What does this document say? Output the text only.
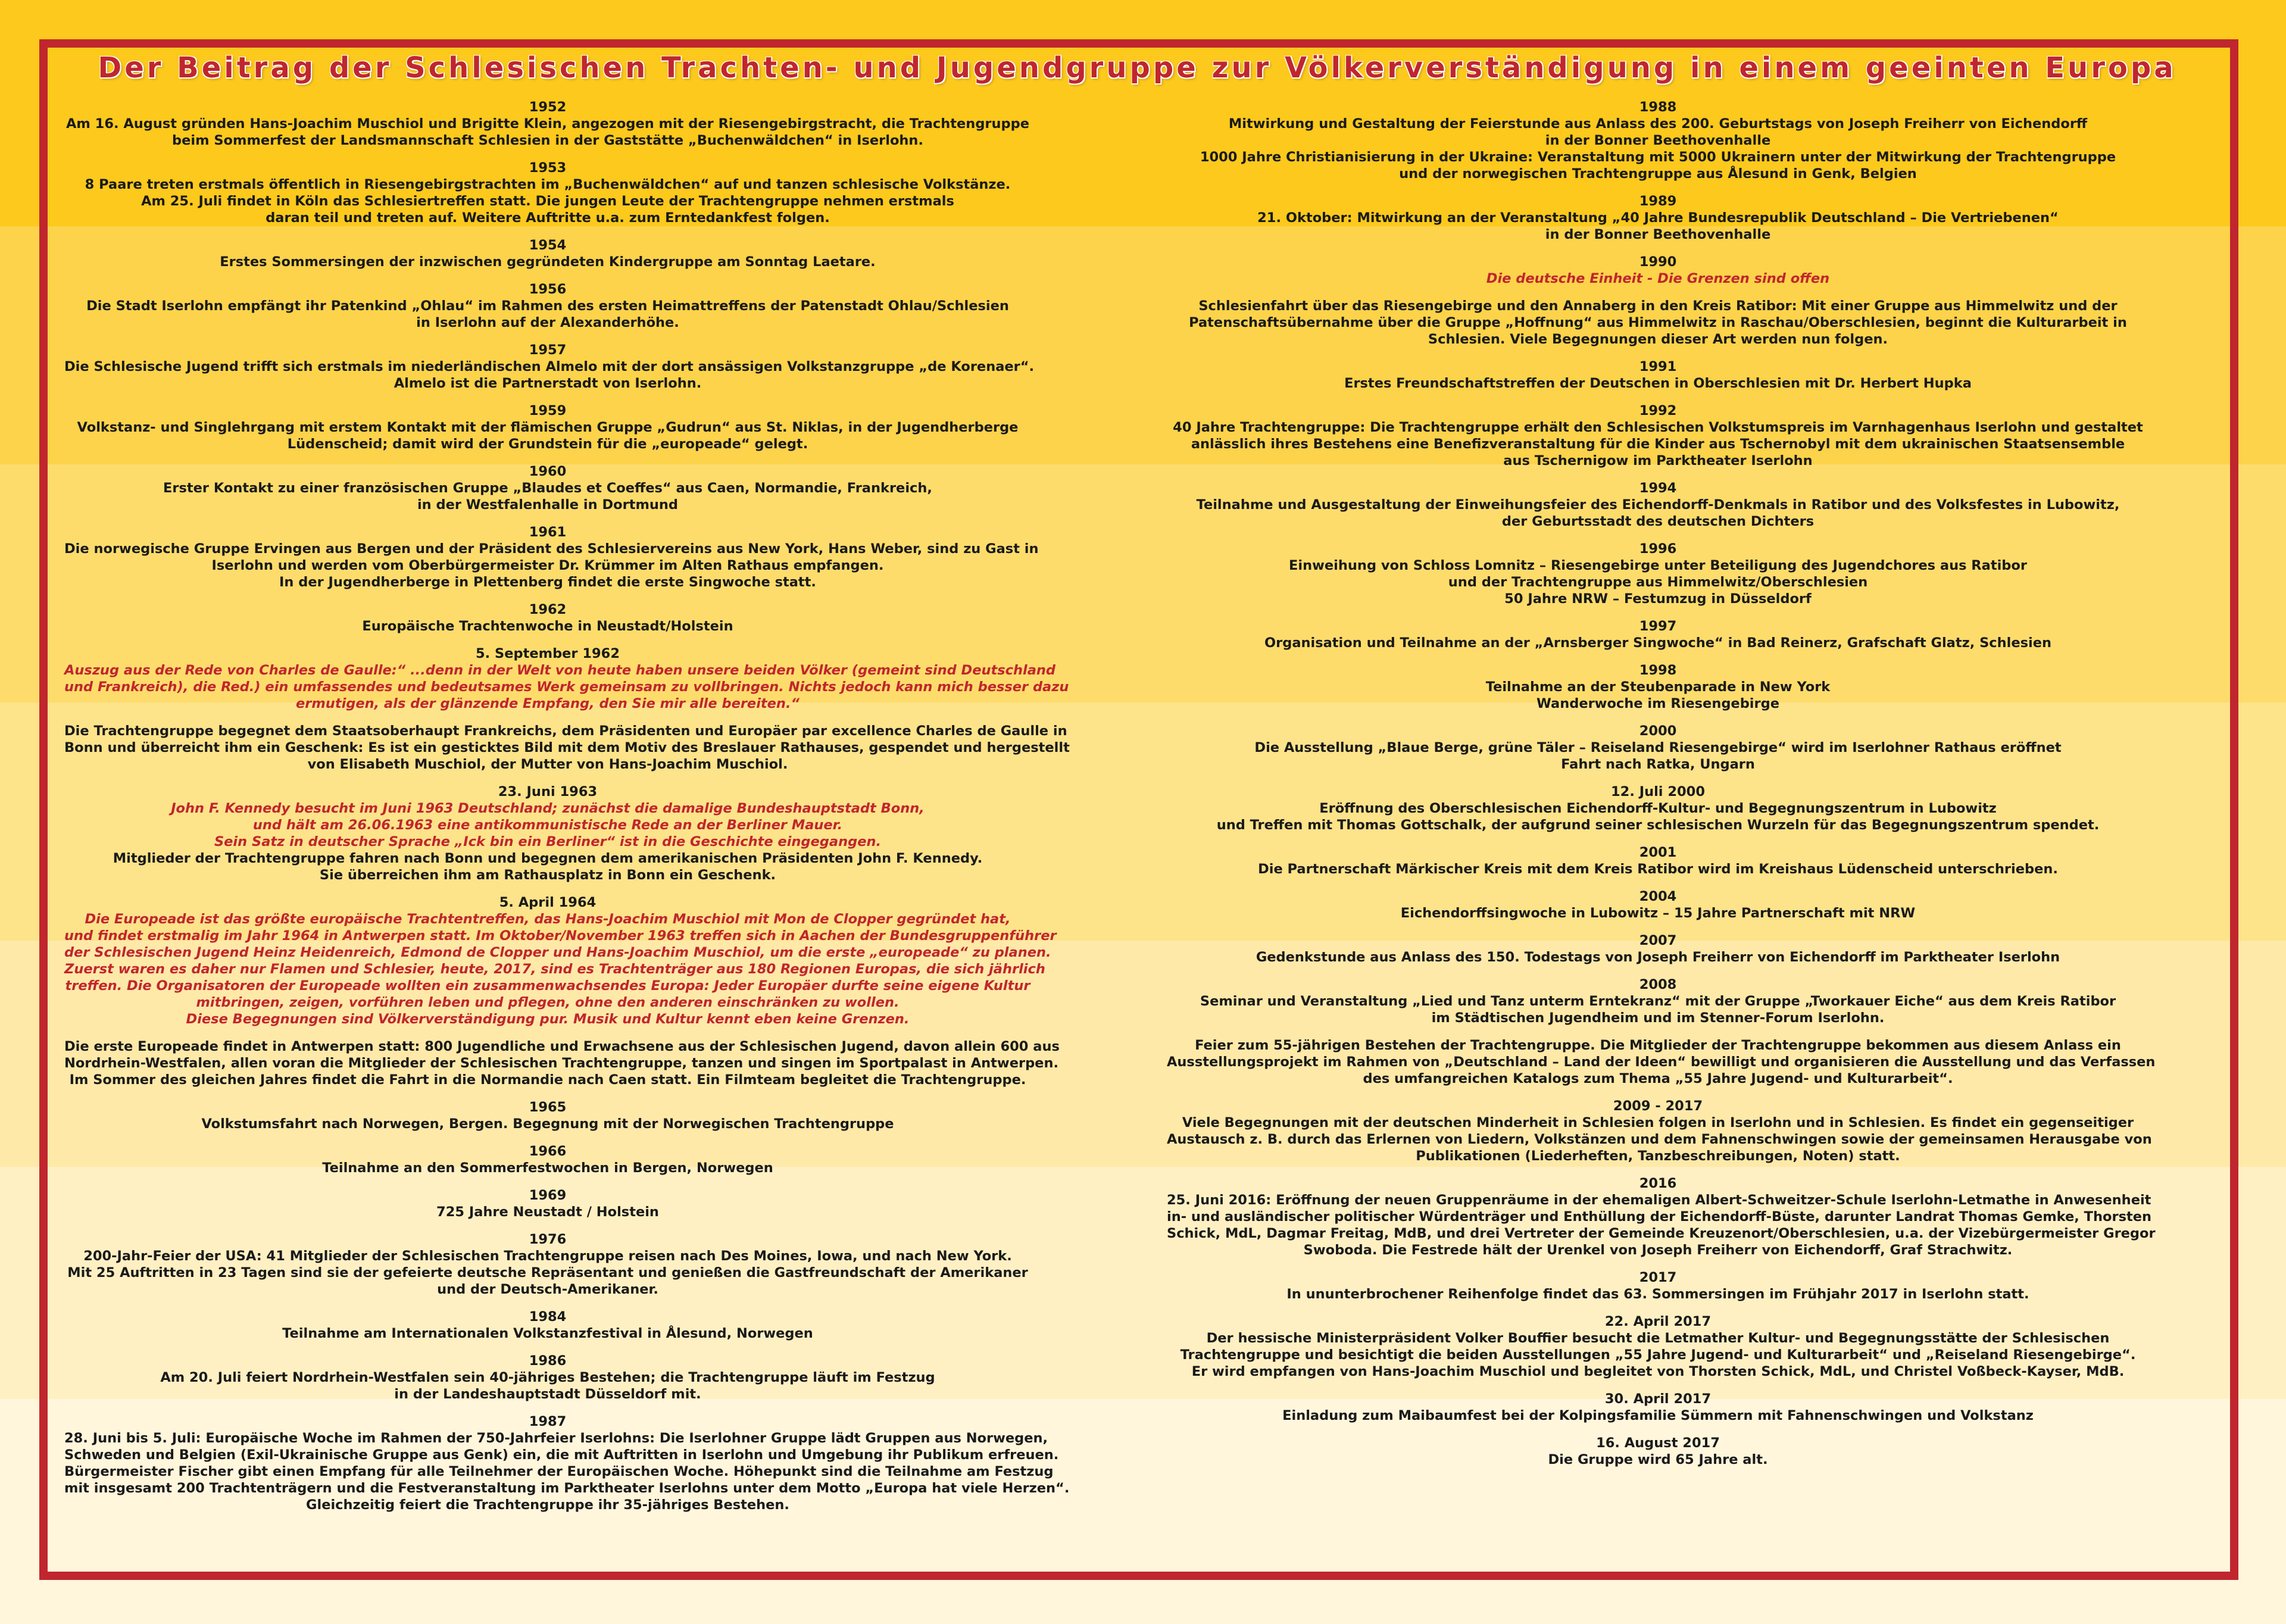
Der Beitrag der Schlesischen Trachten- und Jugendgruppe zur Völkerverständigung in einem geeinten Europa
1952
Am 16. August gründen Hans-Joachim Muschiol und Brigitte Klein, angezogen mit der Riesengebirgstracht, die Trachtengruppe
beim Sommerfest der Landsmannschaft Schlesien in der Gaststätte „Buchenwäldchen“ in Iserlohn.
1953
8 Paare treten erstmals öffentlich in Riesengebirgstrachten im „Buchenwäldchen“ auf und tanzen schlesische Volkstänze.
Am 25. Juli findet in Köln das Schlesiertreffen statt. Die jungen Leute der Trachtengruppe nehmen erstmals
daran teil und treten auf. Weitere Auftritte u.a. zum Erntedankfest folgen.
1954
Erstes Sommersingen der inzwischen gegründeten Kindergruppe am Sonntag Laetare.
1956
Die Stadt Iserlohn empfängt ihr Patenkind „Ohlau“ im Rahmen des ersten Heimattreffens der Patenstadt Ohlau/Schlesien
in Iserlohn auf der Alexanderhöhe.
1957
Die Schlesische Jugend trifft sich erstmals im niederländischen Almelo mit der dort ansässigen Volkstanzgruppe „de Korenaer“.
Almelo ist die Partnerstadt von Iserlohn.
1959
Volkstanz- und Singlehrgang mit erstem Kontakt mit der flämischen Gruppe „Gudrun“ aus St. Niklas, in der Jugendherberge
Lüdenscheid; damit wird der Grundstein für die „europeade“ gelegt.
1960
Erster Kontakt zu einer französischen Gruppe „Blaudes et Coeffes“ aus Caen, Normandie, Frankreich,
in der Westfalenhalle in Dortmund
1961
Die norwegische Gruppe Ervingen aus Bergen und der Präsident des Schlesiervereins aus New York, Hans Weber, sind zu Gast in
Iserlohn und werden vom Oberbürgermeister Dr. Krümmer im Alten Rathaus empfangen.
In der Jugendherberge in Plettenberg findet die erste Singwoche statt.
1962
Europäische Trachtenwoche in Neustadt/Holstein
5. September 1962
Auszug aus der Rede von Charles de Gaulle:“ ...denn in der Welt von heute haben unsere beiden Völker (gemeint sind Deutschland
und Frankreich), die Red.) ein umfassendes und bedeutsames Werk gemeinsam zu vollbringen. Nichts jedoch kann mich besser dazu
ermutigen, als der glänzende Empfang, den Sie mir alle bereiten.“
Die Trachtengruppe begegnet dem Staatsoberhaupt Frankreichs, dem Präsidenten und Europäer par excellence Charles de Gaulle in
Bonn und überreicht ihm ein Geschenk: Es ist ein gesticktes Bild mit dem Motiv des Breslauer Rathauses, gespendet und hergestellt
von Elisabeth Muschiol, der Mutter von Hans-Joachim Muschiol.
23. Juni 1963
John F. Kennedy besucht im Juni 1963 Deutschland; zunächst die damalige Bundeshauptstadt Bonn,
und hält am 26.06.1963 eine antikommunistische Rede an der Berliner Mauer.
Sein Satz in deutscher Sprache „Ick bin ein Berliner“ ist in die Geschichte eingegangen.
Mitglieder der Trachtengruppe fahren nach Bonn und begegnen dem amerikanischen Präsidenten John F. Kennedy.
Sie überreichen ihm am Rathausplatz in Bonn ein Geschenk.
5. April 1964
Die Europeade ist das größte europäische Trachtentreffen, das Hans-Joachim Muschiol mit Mon de Clopper gegründet hat,
und findet erstmalig im Jahr 1964 in Antwerpen statt. Im Oktober/November 1963 treffen sich in Aachen der Bundesgruppenführer
der Schlesischen Jugend Heinz Heidenreich, Edmond de Clopper und Hans-Joachim Muschiol, um die erste „europeade“ zu planen.
Zuerst waren es daher nur Flamen und Schlesier, heute, 2017, sind es Trachtenträger aus 180 Regionen Europas, die sich jährlich
treffen. Die Organisatoren der Europeade wollten ein zusammenwachsendes Europa: Jeder Europäer durfte seine eigene Kultur
mitbringen, zeigen, vorführen leben und pflegen, ohne den anderen einschränken zu wollen.
Diese Begegnungen sind Völkerverständigung pur. Musik und Kultur kennt eben keine Grenzen.
Die erste Europeade findet in Antwerpen statt: 800 Jugendliche und Erwachsene aus der Schlesischen Jugend, davon allein 600 aus
Nordrhein-Westfalen, allen voran die Mitglieder der Schlesischen Trachtengruppe, tanzen und singen im Sportpalast in Antwerpen.
Im Sommer des gleichen Jahres findet die Fahrt in die Normandie nach Caen statt. Ein Filmteam begleitet die Trachtengruppe.
1965
Volkstumsfahrt nach Norwegen, Bergen. Begegnung mit der Norwegischen Trachtengruppe
1966
Teilnahme an den Sommerfestwochen in Bergen, Norwegen
1969
725 Jahre Neustadt / Holstein
1976
200-Jahr-Feier der USA: 41 Mitglieder der Schlesischen Trachtengruppe reisen nach Des Moines, Iowa, und nach New York.
Mit 25 Auftritten in 23 Tagen sind sie der gefeierte deutsche Repräsentant und genießen die Gastfreundschaft der Amerikaner
und der Deutsch-Amerikaner.
1984
Teilnahme am Internationalen Volkstanzfestival in Ålesund, Norwegen
1986
Am 20. Juli feiert Nordrhein-Westfalen sein 40-jähriges Bestehen; die Trachtengruppe läuft im Festzug
in der Landeshauptstadt Düsseldorf mit.
1987
28. Juni bis 5. Juli: Europäische Woche im Rahmen der 750-Jahrfeier Iserlohns: Die Iserlohner Gruppe lädt Gruppen aus Norwegen,
Schweden und Belgien (Exil-Ukrainische Gruppe aus Genk) ein, die mit Auftritten in Iserlohn und Umgebung ihr Publikum erfreuen.
Bürgermeister Fischer gibt einen Empfang für alle Teilnehmer der Europäischen Woche. Höhepunkt sind die Teilnahme am Festzug
mit insgesamt 200 Trachtenträgern und die Festveranstaltung im Parktheater Iserlohns unter dem Motto „Europa hat viele Herzen“.
Gleichzeitig feiert die Trachtengruppe ihr 35-jähriges Bestehen.
1988
Mitwirkung und Gestaltung der Feierstunde aus Anlass des 200. Geburtstags von Joseph Freiherr von Eichendorff
in der Bonner Beethovenhalle
1000 Jahre Christianisierung in der Ukraine: Veranstaltung mit 5000 Ukrainern unter der Mitwirkung der Trachtengruppe
und der norwegischen Trachtengruppe aus Ålesund in Genk, Belgien
1989
21. Oktober: Mitwirkung an der Veranstaltung „40 Jahre Bundesrepublik Deutschland – Die Vertriebenen“
in der Bonner Beethovenhalle
1990
Die deutsche Einheit - Die Grenzen sind offen
Schlesienfahrt über das Riesengebirge und den Annaberg in den Kreis Ratibor: Mit einer Gruppe aus Himmelwitz und der
Patenschaftsübernahme über die Gruppe „Hoffnung“ aus Himmelwitz in Raschau/Oberschlesien, beginnt die Kulturarbeit in
Schlesien. Viele Begegnungen dieser Art werden nun folgen.
1991
Erstes Freundschaftstreffen der Deutschen in Oberschlesien mit Dr. Herbert Hupka
1992
40 Jahre Trachtengruppe: Die Trachtengruppe erhält den Schlesischen Volkstumspreis im Varnhagenhaus Iserlohn und gestaltet
anlässlich ihres Bestehens eine Benefizveranstaltung für die Kinder aus Tschernobyl mit dem ukrainischen Staatsensemble
aus Tschernigow im Parktheater Iserlohn
1994
Teilnahme und Ausgestaltung der Einweihungsfeier des Eichendorff-Denkmals in Ratibor und des Volksfestes in Lubowitz,
der Geburtsstadt des deutschen Dichters
1996
Einweihung von Schloss Lomnitz – Riesengebirge unter Beteiligung des Jugendchores aus Ratibor
und der Trachtengruppe aus Himmelwitz/Oberschlesien
50 Jahre NRW – Festumzug in Düsseldorf
1997
Organisation und Teilnahme an der „Arnsberger Singwoche“ in Bad Reinerz, Grafschaft Glatz, Schlesien
1998
Teilnahme an der Steubenparade in New York
Wanderwoche im Riesengebirge
2000
Die Ausstellung „Blaue Berge, grüne Täler – Reiseland Riesengebirge“ wird im Iserlohner Rathaus eröffnet
Fahrt nach Ratka, Ungarn
12. Juli 2000
Eröffnung des Oberschlesischen Eichendorff-Kultur- und Begegnungszentrum in Lubowitz
und Treffen mit Thomas Gottschalk, der aufgrund seiner schlesischen Wurzeln für das Begegnungszentrum spendet.
2001
Die Partnerschaft Märkischer Kreis mit dem Kreis Ratibor wird im Kreishaus Lüdenscheid unterschrieben.
2004
Eichendorffsingwoche in Lubowitz – 15 Jahre Partnerschaft mit NRW
2007
Gedenkstunde aus Anlass des 150. Todestags von Joseph Freiherr von Eichendorff im Parktheater Iserlohn
2008
Seminar und Veranstaltung „Lied und Tanz unterm Erntekranz“ mit der Gruppe „Tworkauer Eiche“ aus dem Kreis Ratibor
im Städtischen Jugendheim und im Stenner-Forum Iserlohn.
Feier zum 55-jährigen Bestehen der Trachtengruppe. Die Mitglieder der Trachtengruppe bekommen aus diesem Anlass ein
Ausstellungsprojekt im Rahmen von „Deutschland – Land der Ideen“ bewilligt und organisieren die Ausstellung und das Verfassen
des umfangreichen Katalogs zum Thema „55 Jahre Jugend- und Kulturarbeit“.
2009 - 2017
Viele Begegnungen mit der deutschen Minderheit in Schlesien folgen in Iserlohn und in Schlesien. Es findet ein gegenseitiger
Austausch z. B. durch das Erlernen von Liedern, Volkstänzen und dem Fahnenschwingen sowie der gemeinsamen Herausgabe von
Publikationen (Liederheften, Tanzbeschreibungen, Noten) statt.
2016
25. Juni 2016: Eröffnung der neuen Gruppenräume in der ehemaligen Albert-Schweitzer-Schule Iserlohn-Letmathe in Anwesenheit
in- und ausländischer politischer Würdenträger und Enthüllung der Eichendorff-Büste, darunter Landrat Thomas Gemke, Thorsten
Schick, MdL, Dagmar Freitag, MdB, und drei Vertreter der Gemeinde Kreuzenort/Oberschlesien, u.a. der Vizebürgermeister Gregor
Swoboda. Die Festrede hält der Urenkel von Joseph Freiherr von Eichendorff, Graf Strachwitz.
2017
In ununterbrochener Reihenfolge findet das 63. Sommersingen im Frühjahr 2017 in Iserlohn statt.
22. April 2017
Der hessische Ministerpräsident Volker Bouffier besucht die Letmather Kultur- und Begegnungsstätte der Schlesischen
Trachtengruppe und besichtigt die beiden Ausstellungen „55 Jahre Jugend- und Kulturarbeit“ und „Reiseland Riesengebirge“.
Er wird empfangen von Hans-Joachim Muschiol und begleitet von Thorsten Schick, MdL, und Christel Voßbeck-Kayser, MdB.
30. April 2017
Einladung zum Maibaumfest bei der Kolpingsfamilie Sümmern mit Fahnenschwingen und Volkstanz
16. August 2017
Die Gruppe wird 65 Jahre alt.
